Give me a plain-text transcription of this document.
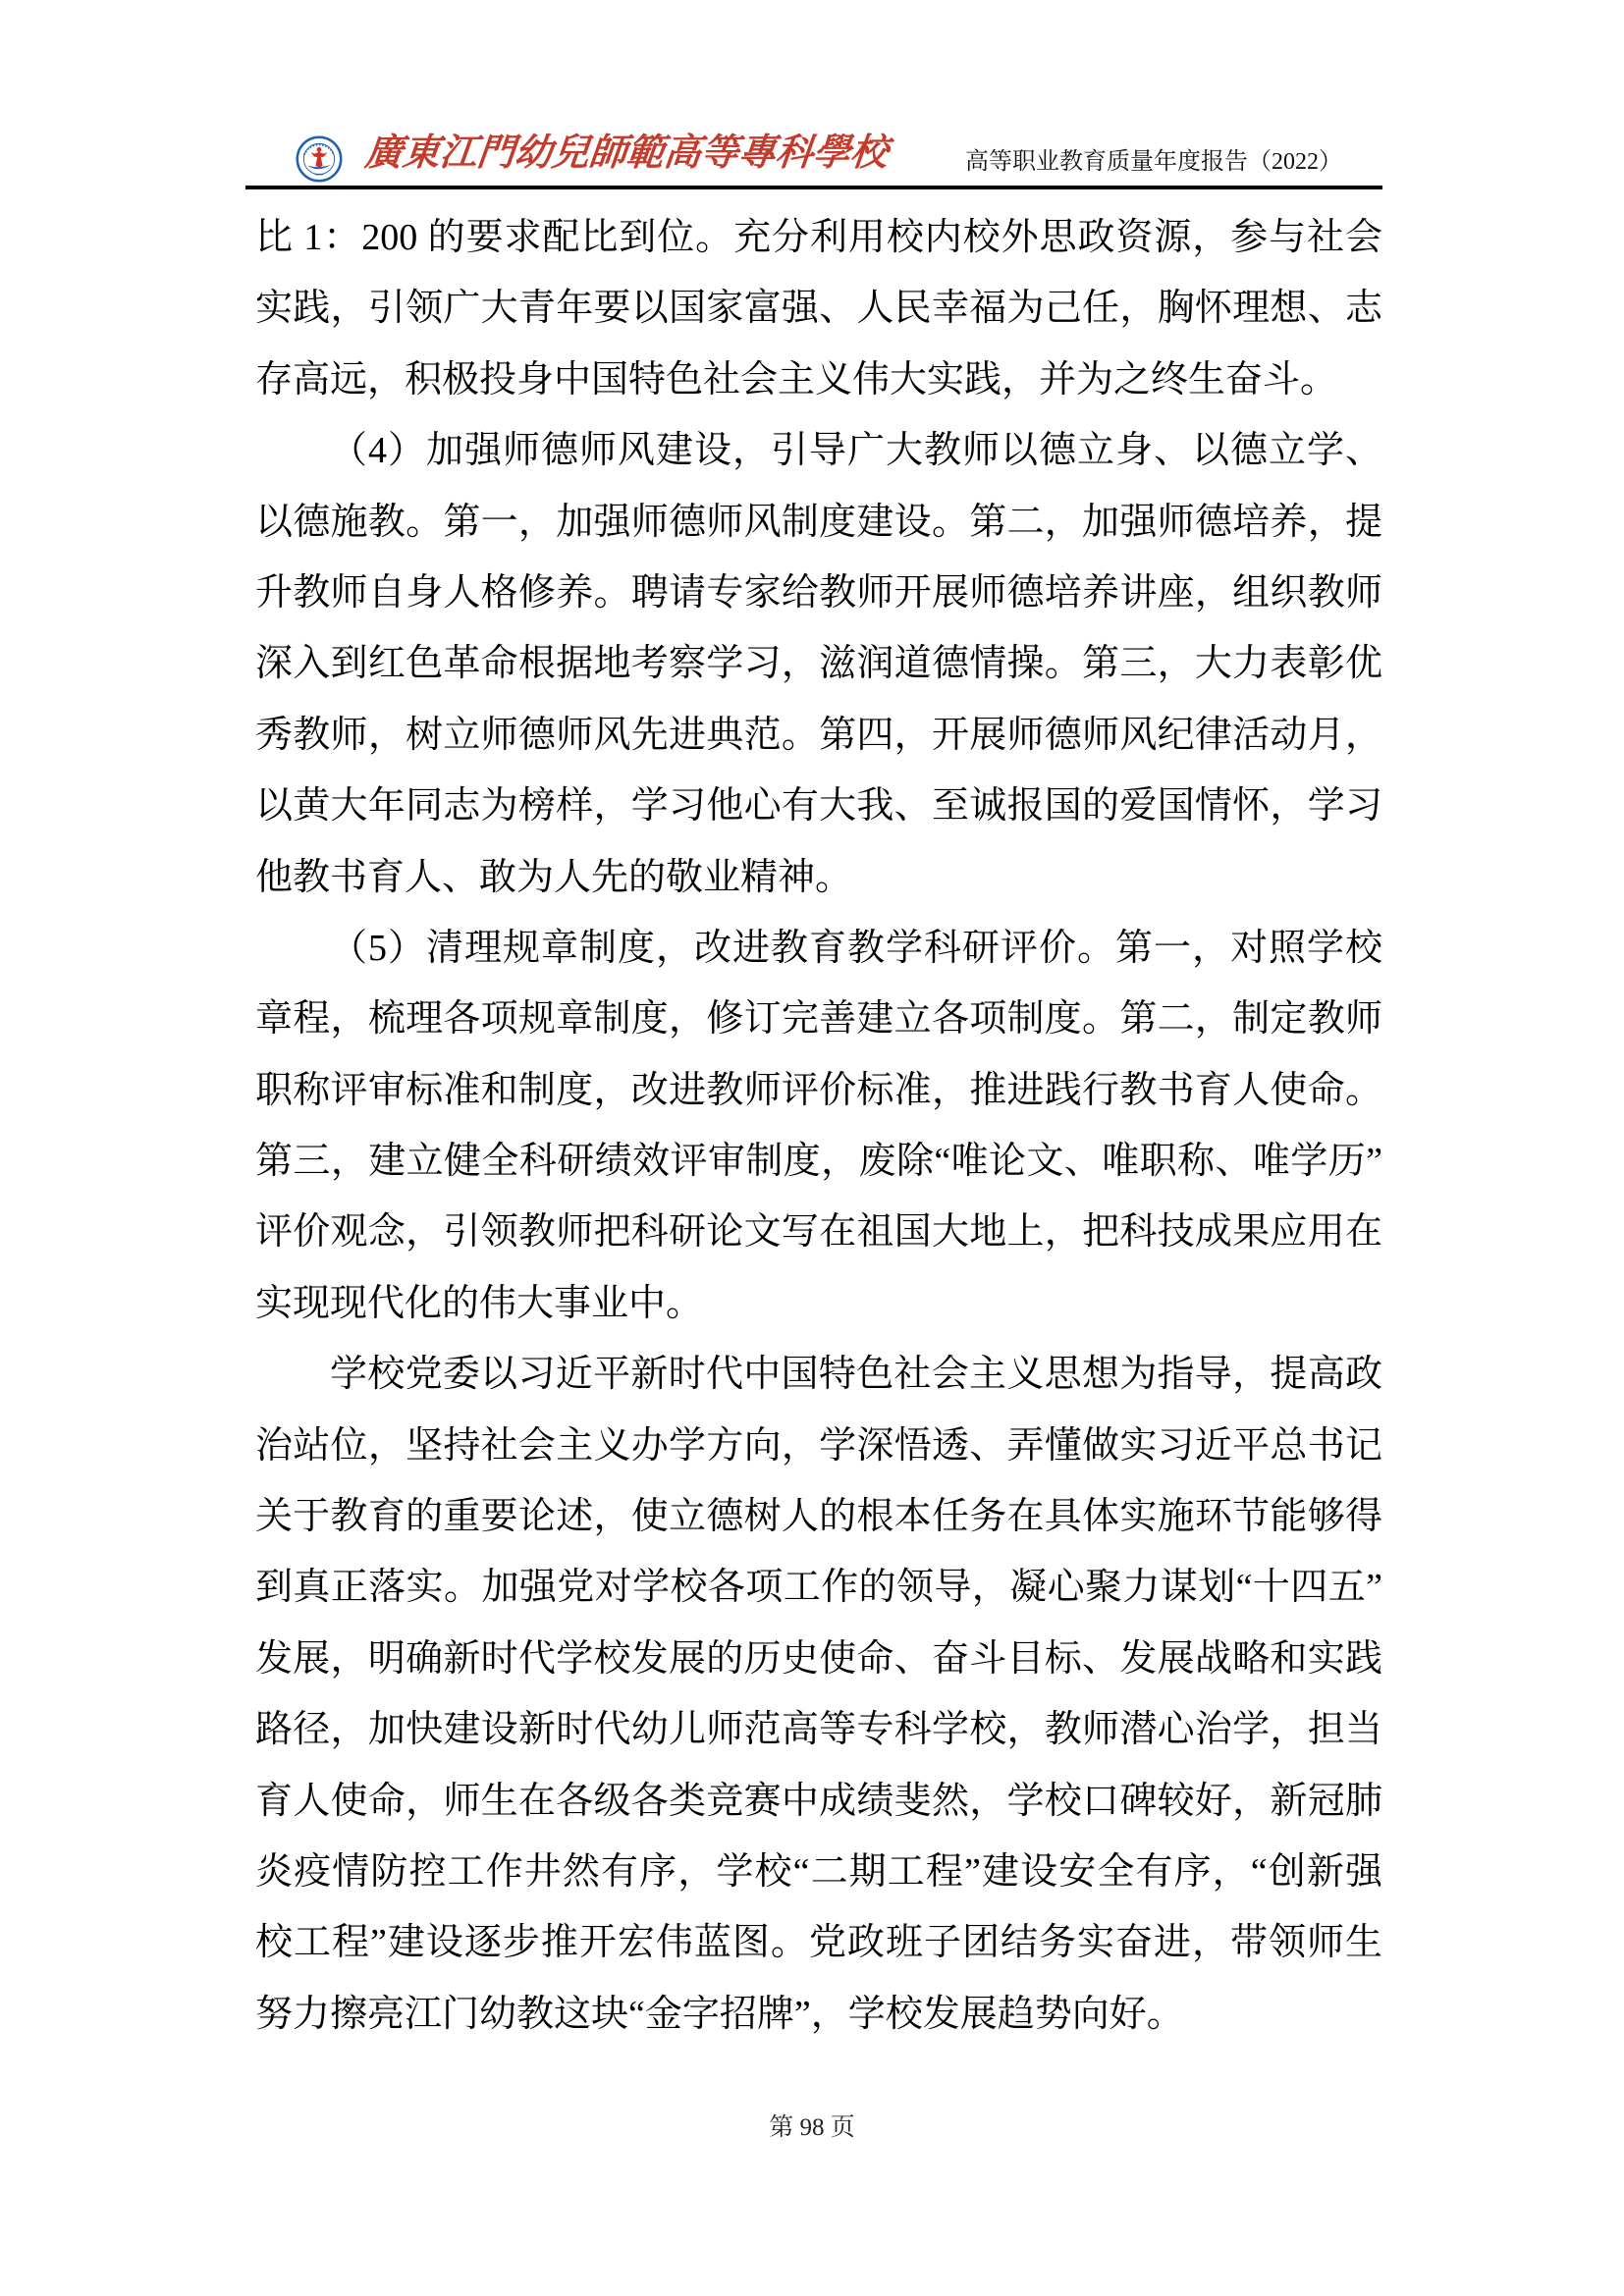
廣東江門幼兒師範高等專科學校	高等职业教育质量年度报告（2022）
比 1：200 的要求配比到位。充分利用校内校外思政资源，参与社会
实践，引领广大青年要以国家富强、人民幸福为己任，胸怀理想、志
存高远，积极投身中国特色社会主义伟大实践，并为之终生奋斗。
（4）加强师德师风建设，引导广大教师以德立身、以德立学、
以德施教。第一，加强师德师风制度建设。第二，加强师德培养，提
升教师自身人格修养。聘请专家给教师开展师德培养讲座，组织教师
深入到红色革命根据地考察学习，滋润道德情操。第三，大力表彰优
秀教师，树立师德师风先进典范。第四，开展师德师风纪律活动月，
以黄大年同志为榜样，学习他心有大我、至诚报国的爱国情怀，学习
他教书育人、敢为人先的敬业精神。
（5）清理规章制度，改进教育教学科研评价。第一，对照学校
章程，梳理各项规章制度，修订完善建立各项制度。第二，制定教师
职称评审标准和制度，改进教师评价标准，推进践行教书育人使命。
第三，建立健全科研绩效评审制度，废除“唯论文、唯职称、唯学历”
评价观念，引领教师把科研论文写在祖国大地上，把科技成果应用在
实现现代化的伟大事业中。
学校党委以习近平新时代中国特色社会主义思想为指导，提高政
治站位，坚持社会主义办学方向，学深悟透、弄懂做实习近平总书记
关于教育的重要论述，使立德树人的根本任务在具体实施环节能够得
到真正落实。加强党对学校各项工作的领导，凝心聚力谋划“十四五”
发展，明确新时代学校发展的历史使命、奋斗目标、发展战略和实践
路径，加快建设新时代幼儿师范高等专科学校，教师潜心治学，担当
育人使命，师生在各级各类竞赛中成绩斐然，学校口碑较好，新冠肺
炎疫情防控工作井然有序，学校“二期工程”建设安全有序，“创新强
校工程”建设逐步推开宏伟蓝图。党政班子团结务实奋进，带领师生
努力擦亮江门幼教这块“金字招牌”，学校发展趋势向好。
第 98 页
